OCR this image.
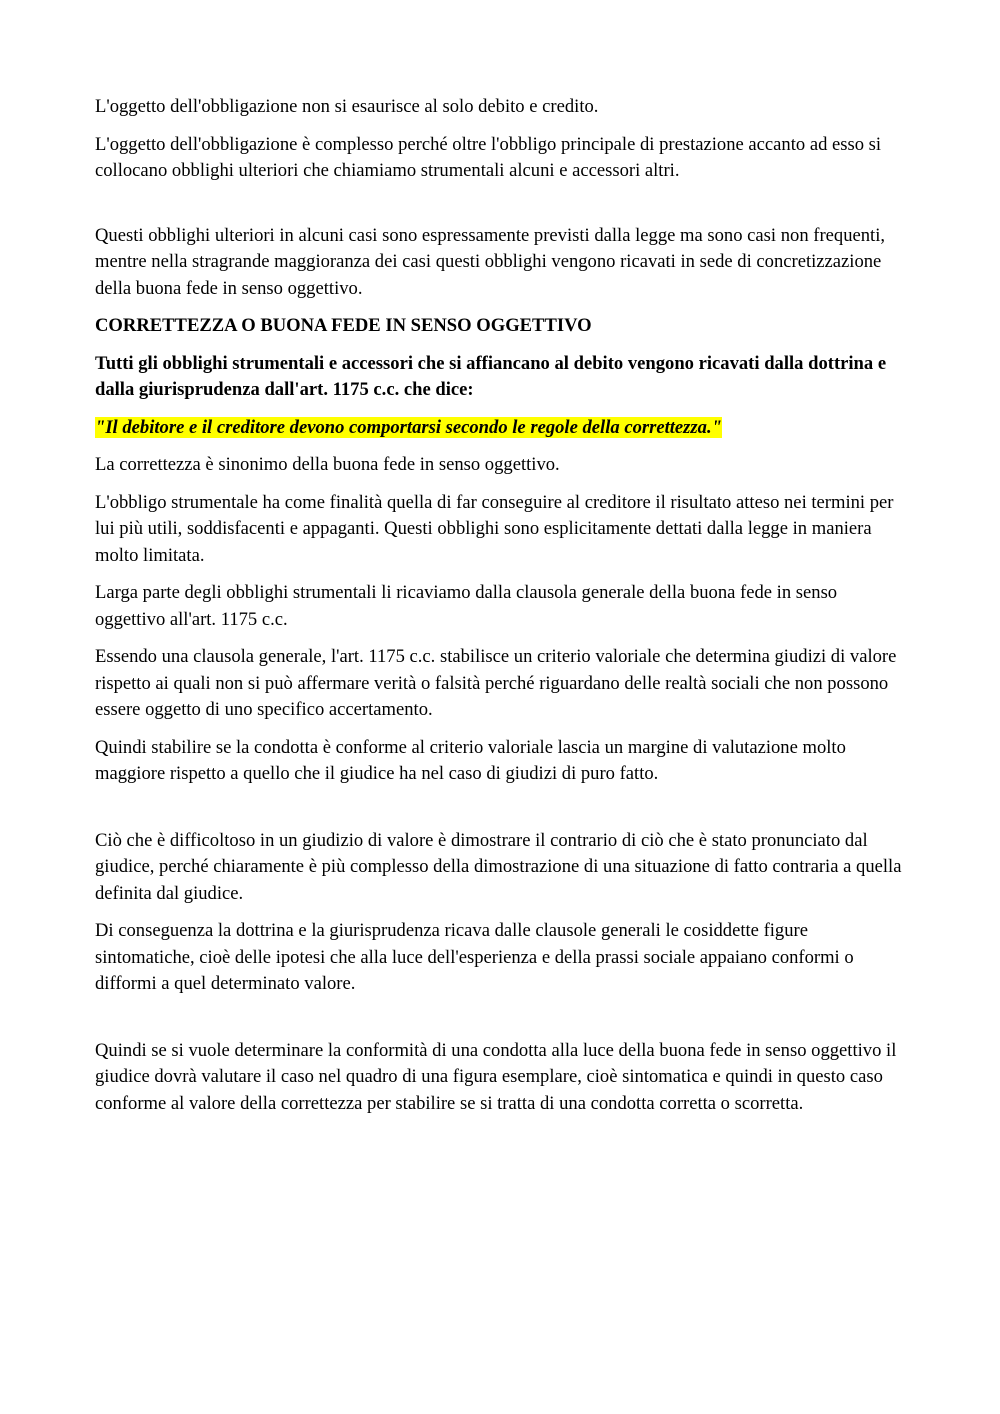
L'oggetto dell'obbligazione non si esaurisce al solo debito e credito.

L'oggetto dell'obbligazione è complesso perché oltre l'obbligo principale di prestazione accanto ad esso si collocano obblighi ulteriori che chiamiamo strumentali alcuni e accessori altri.

Questi obblighi ulteriori in alcuni casi sono espressamente previsti dalla legge ma sono casi non frequenti, mentre nella stragrande maggioranza dei casi questi obblighi vengono ricavati in sede di concretizzazione della buona fede in senso oggettivo.

CORRETTEZZA O BUONA FEDE IN SENSO OGGETTIVO

Tutti gli obblighi strumentali e accessori che si affiancano al debito vengono ricavati dalla dottrina e dalla giurisprudenza dall'art. 1175 c.c. che dice:

"Il debitore e il creditore devono comportarsi secondo le regole della correttezza."

La correttezza è sinonimo della buona fede in senso oggettivo.

L'obbligo strumentale ha come finalità quella di far conseguire al creditore il risultato atteso nei termini per lui più utili, soddisfacenti e appaganti. Questi obblighi sono esplicitamente dettati dalla legge in maniera molto limitata.

Larga parte degli obblighi strumentali li ricaviamo dalla clausola generale della buona fede in senso oggettivo all'art. 1175 c.c.

Essendo una clausola generale, l'art. 1175 c.c. stabilisce un criterio valoriale che determina giudizi di valore rispetto ai quali non si può affermare verità o falsità perché riguardano delle realtà sociali che non possono essere oggetto di uno specifico accertamento.

Quindi stabilire se la condotta è conforme al criterio valoriale lascia un margine di valutazione molto maggiore rispetto a quello che il giudice ha nel caso di giudizi di puro fatto.

Ciò che è difficoltoso in un giudizio di valore è dimostrare il contrario di ciò che è stato pronunciato dal giudice, perché chiaramente è più complesso della dimostrazione di una situazione di fatto contraria a quella definita dal giudice.

Di conseguenza la dottrina e la giurisprudenza ricava dalle clausole generali le cosiddette figure sintomatiche, cioè delle ipotesi che alla luce dell'esperienza e della prassi sociale appaiano conformi o difformi a quel determinato valore.

Quindi se si vuole determinare la conformità di una condotta alla luce della buona fede in senso oggettivo il giudice dovrà valutare il caso nel quadro di una figura esemplare, cioè sintomatica e quindi in questo caso conforme al valore della correttezza per stabilire se si tratta di una condotta corretta o scorretta.
